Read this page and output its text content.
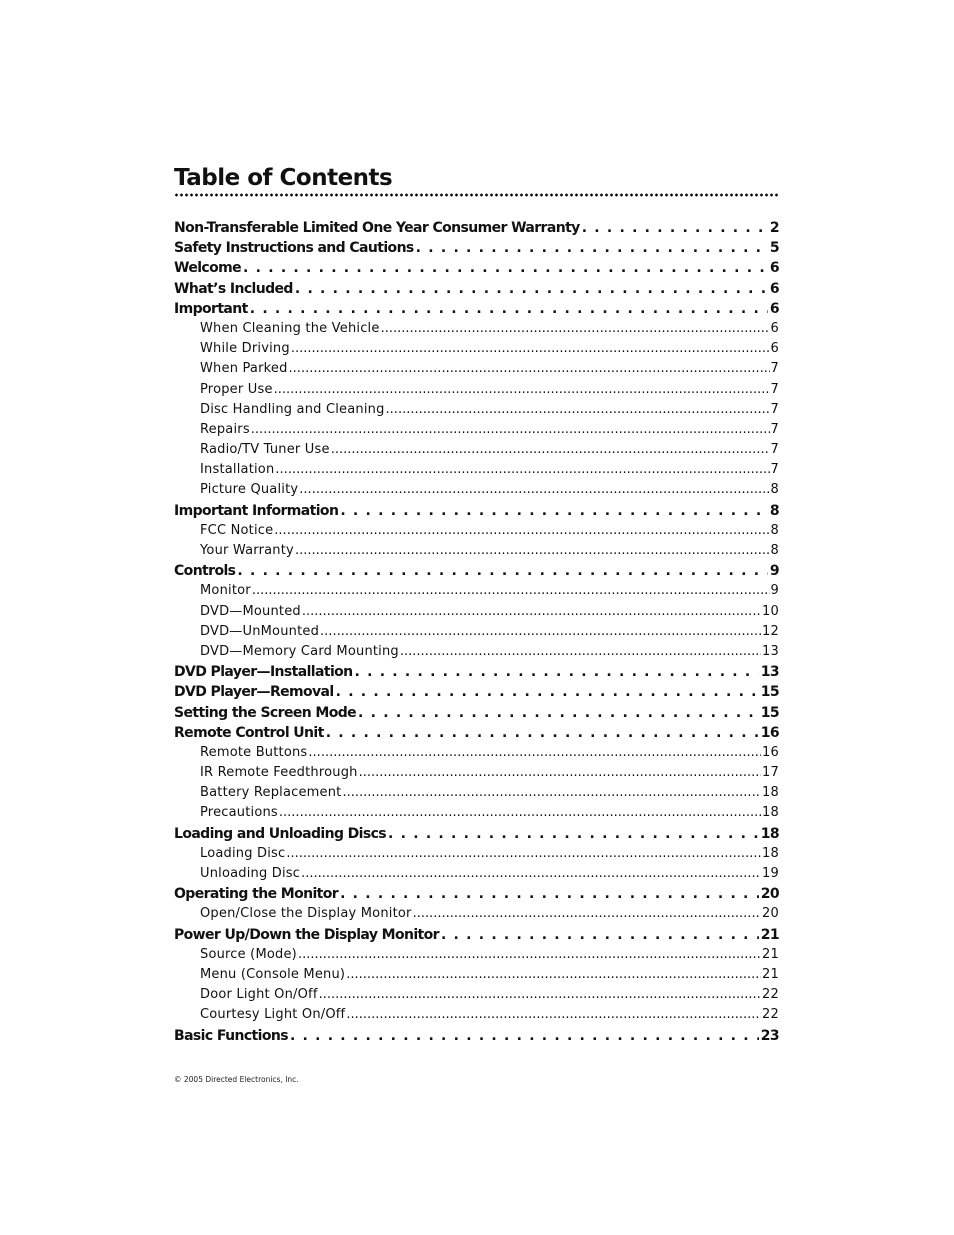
Table of Contents
Non-Transferable Limited One Year Consumer Warranty . . .	2
Safety Instructions and Cautions . . .	5
Welcome . . .	6
What’s Included . . .	6
Important . . .	6
When Cleaning the Vehicle .....	6
While Driving .....	6
When Parked .....	7
Proper Use .....	7
Disc Handling and Cleaning .....	7
Repairs .....	7
Radio/TV Tuner Use .....	7
Installation .....	7
Picture Quality .....	8
Important Information . . .	8
FCC Notice .....	8
Your Warranty .....	8
Controls . . .	9
Monitor .....	9
DVD—Mounted .....	10
DVD—UnMounted .....	12
DVD—Memory Card Mounting .....	13
DVD Player—Installation . . .	13
DVD Player—Removal . . .	15
Setting the Screen Mode . . .	15
Remote Control Unit . . .	16
Remote Buttons .....	16
IR Remote Feedthrough .....	17
Battery Replacement .....	18
Precautions .....	18
Loading and Unloading Discs . . .	18
Loading Disc .....	18
Unloading Disc .....	19
Operating the Monitor . . .	20
Open/Close the Display Monitor .....	20
Power Up/Down the Display Monitor . . .	21
Source (Mode) .....	21
Menu (Console Menu) .....	21
Door Light On/Off .....	22
Courtesy Light On/Off .....	22
Basic Functions . . .	23
© 2005 Directed Electronics, Inc.
